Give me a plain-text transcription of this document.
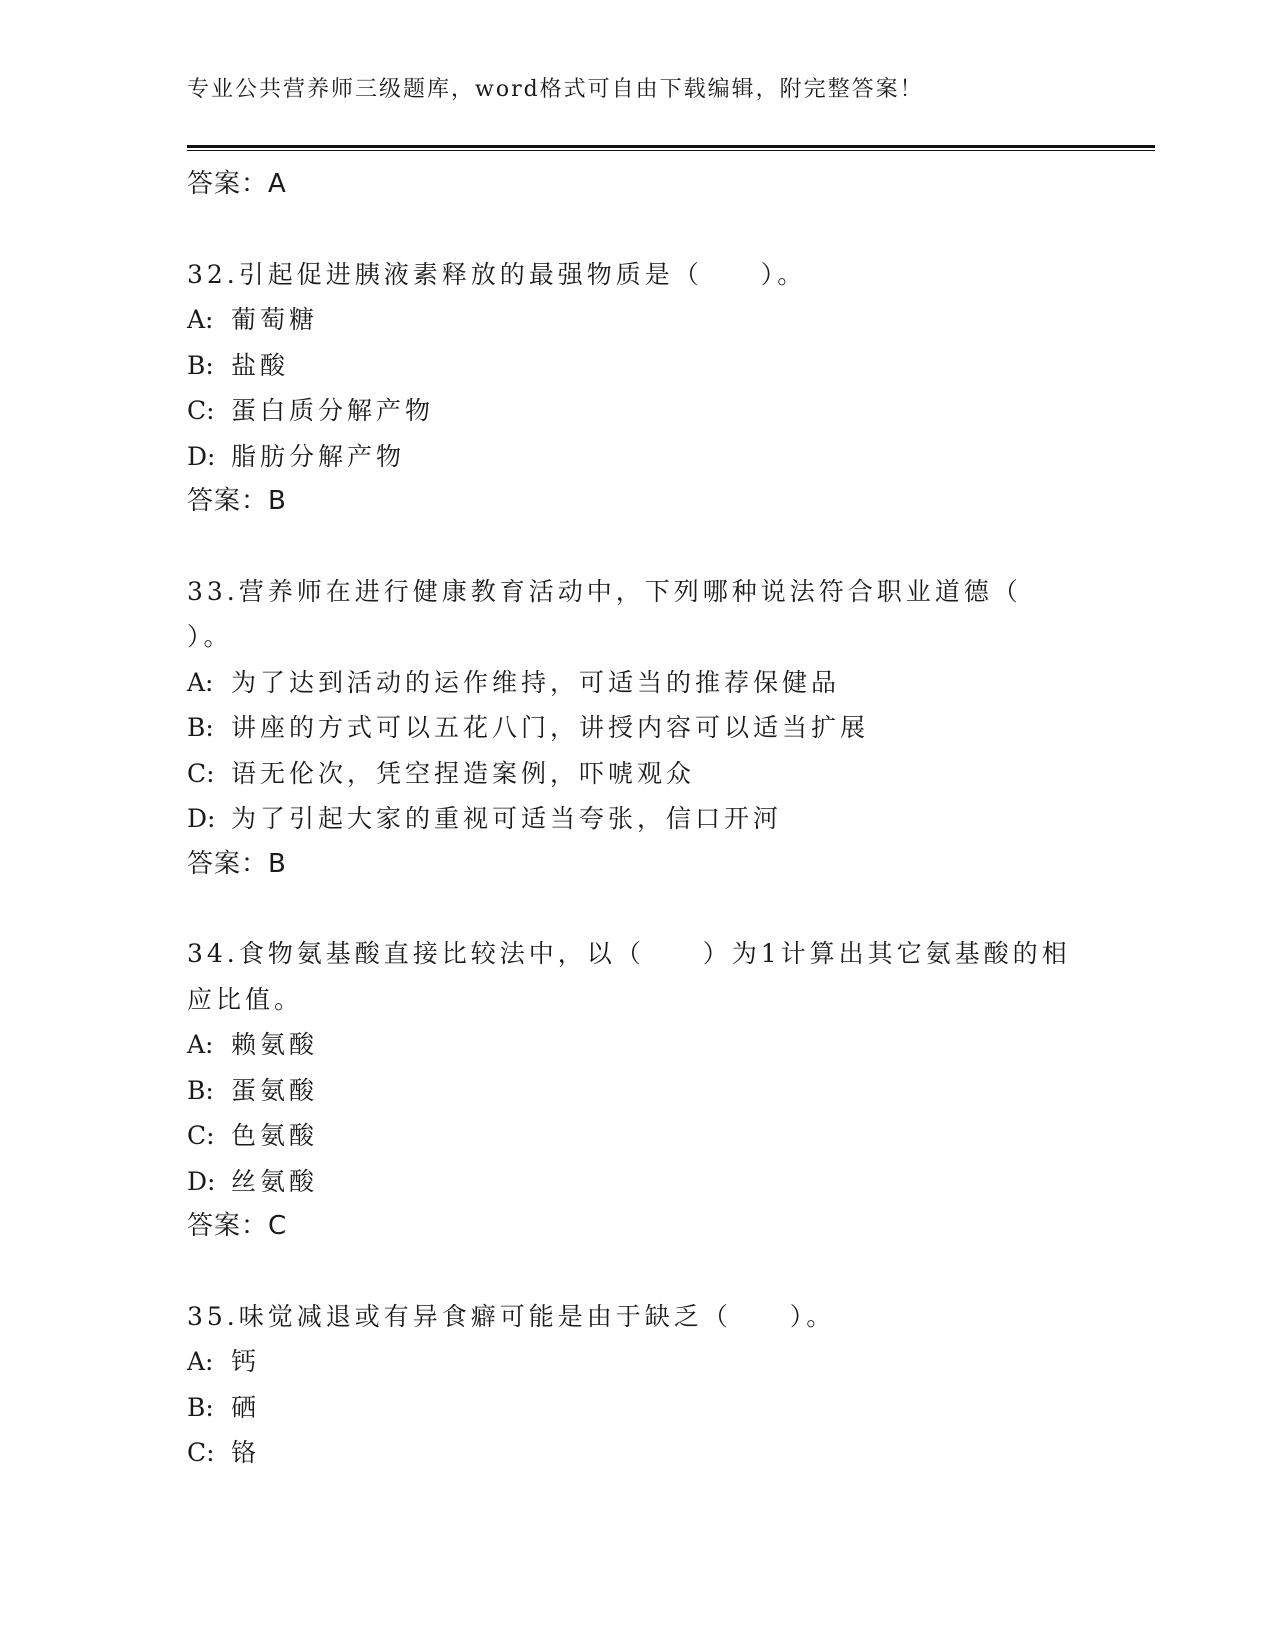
专业公共营养师三级题库，word格式可自由下载编辑，附完整答案！
答案：A
32.引起促进胰液素释放的最强物质是（　　）。
A: 葡萄糖
B: 盐酸
C: 蛋白质分解产物
D: 脂肪分解产物
答案：B
33.营养师在进行健康教育活动中，下列哪种说法符合职业道德（
）。
A: 为了达到活动的运作维持，可适当的推荐保健品
B: 讲座的方式可以五花八门，讲授内容可以适当扩展
C: 语无伦次，凭空捏造案例，吓唬观众
D: 为了引起大家的重视可适当夸张，信口开河
答案：B
34.食物氨基酸直接比较法中，以（　　）为1计算出其它氨基酸的相
应比值。
A: 赖氨酸
B: 蛋氨酸
C: 色氨酸
D: 丝氨酸
答案：C
35.味觉减退或有异食癖可能是由于缺乏（　　）。
A: 钙
B: 硒
C: 铬
